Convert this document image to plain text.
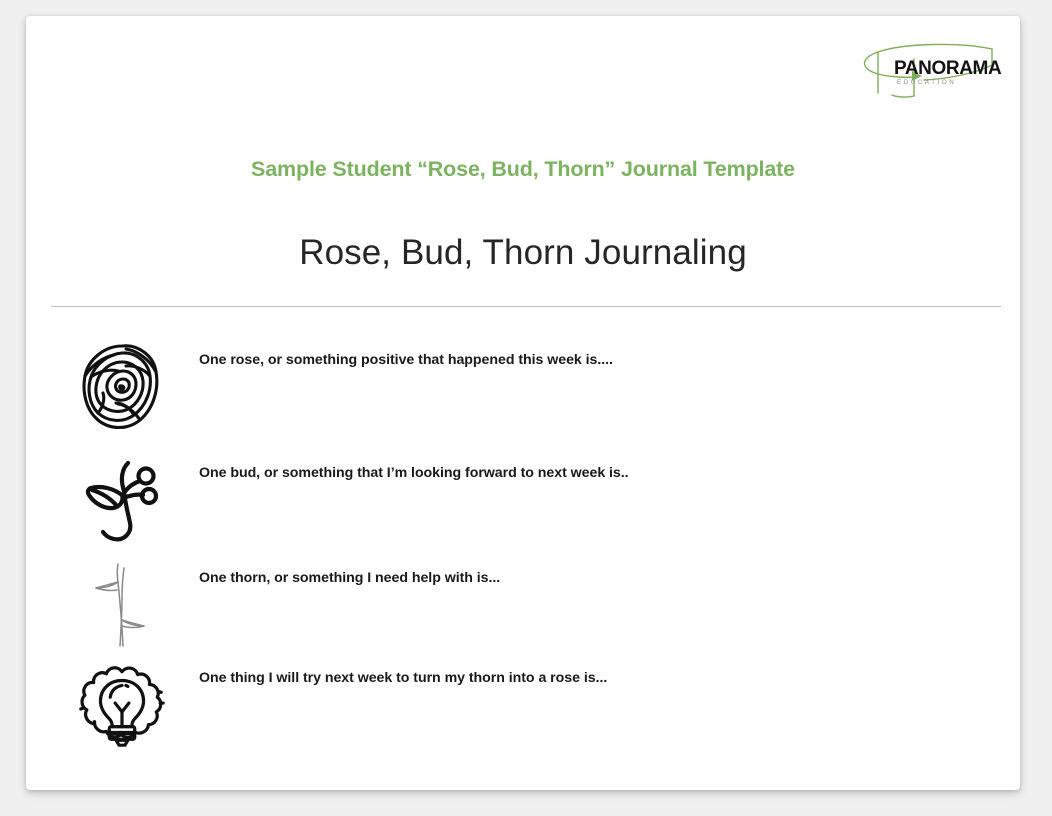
PANORAMA
EDUCATION
Sample Student “Rose, Bud, Thorn” Journal Template
Rose, Bud, Thorn Journaling
One rose, or something positive that happened this week is....
One bud, or something that I’m looking forward to next week is..
One thorn, or something I need help with is...
One thing I will try next week to turn my thorn into a rose is...
